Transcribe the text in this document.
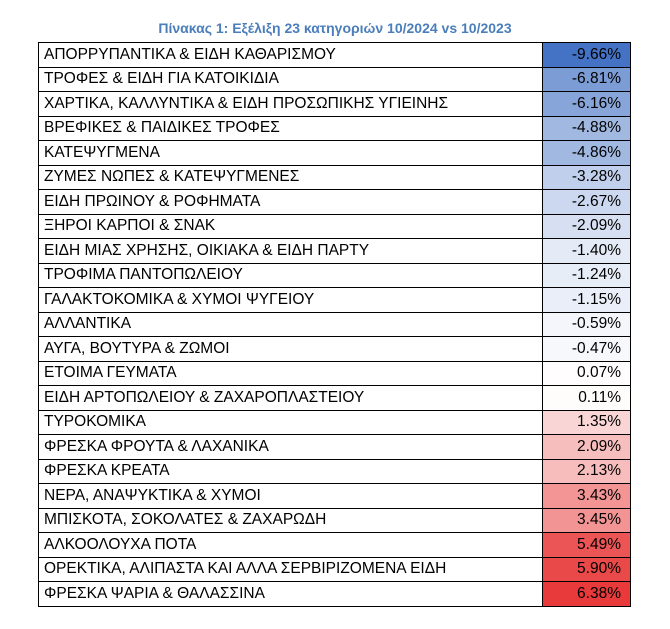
Πίνακας 1: Εξέλιξη 23 κατηγοριών 10/2024 vs 10/2023
ΑΠΟΡΡΥΠΑΝΤΙΚΑ & ΕΙΔΗ ΚΑΘΑΡΙΣΜΟΥ	-9.66%
ΤΡΟΦΕΣ & ΕΙΔΗ ΓΙΑ ΚΑΤΟΙΚΙΔΙΑ	-6.81%
ΧΑΡΤΙΚΑ, ΚΑΛΛΥΝΤΙΚΑ & ΕΙΔΗ ΠΡΟΣΩΠΙΚΗΣ ΥΓΙΕΙΝΗΣ	-6.16%
ΒΡΕΦΙΚΕΣ & ΠΑΙΔΙΚΕΣ ΤΡΟΦΕΣ	-4.88%
ΚΑΤΕΨΥΓΜΕΝΑ	-4.86%
ΖΥΜΕΣ ΝΩΠΕΣ & ΚΑΤΕΨΥΓΜΕΝΕΣ	-3.28%
ΕΙΔΗ ΠΡΩΙΝΟΥ & ΡΟΦΗΜΑΤΑ	-2.67%
ΞΗΡΟΙ ΚΑΡΠΟΙ & ΣΝΑΚ	-2.09%
ΕΙΔΗ ΜΙΑΣ ΧΡΗΣΗΣ, ΟΙΚΙΑΚΑ & ΕΙΔΗ ΠΑΡΤΥ	-1.40%
ΤΡΟΦΙΜΑ ΠΑΝΤΟΠΩΛΕΙΟΥ	-1.24%
ΓΑΛΑΚΤΟΚΟΜΙΚΑ & ΧΥΜΟΙ ΨΥΓΕΙΟΥ	-1.15%
ΑΛΛΑΝΤΙΚΑ	-0.59%
ΑΥΓΑ, ΒΟΥΤΥΡΑ & ΖΩΜΟΙ	-0.47%
ΕΤΟΙΜΑ ΓΕΥΜΑΤΑ	0.07%
ΕΙΔΗ ΑΡΤΟΠΩΛΕΙΟΥ & ΖΑΧΑΡΟΠΛΑΣΤΕΙΟΥ	0.11%
ΤΥΡΟΚΟΜΙΚΑ	1.35%
ΦΡΕΣΚΑ ΦΡΟΥΤΑ & ΛΑΧΑΝΙΚΑ	2.09%
ΦΡΕΣΚΑ ΚΡΕΑΤΑ	2.13%
ΝΕΡΑ, ΑΝΑΨΥΚΤΙΚΑ & ΧΥΜΟΙ	3.43%
ΜΠΙΣΚΟΤΑ, ΣΟΚΟΛΑΤΕΣ & ΖΑΧΑΡΩΔΗ	3.45%
ΑΛΚΟΟΛΟΥΧΑ ΠΟΤΑ	5.49%
ΟΡΕΚΤΙΚΑ, ΑΛΙΠΑΣΤΑ ΚΑΙ ΑΛΛΑ ΣΕΡΒΙΡΙΖΟΜΕΝΑ ΕΙΔΗ	5.90%
ΦΡΕΣΚΑ ΨΑΡΙΑ & ΘΑΛΑΣΣΙΝΑ	6.38%
